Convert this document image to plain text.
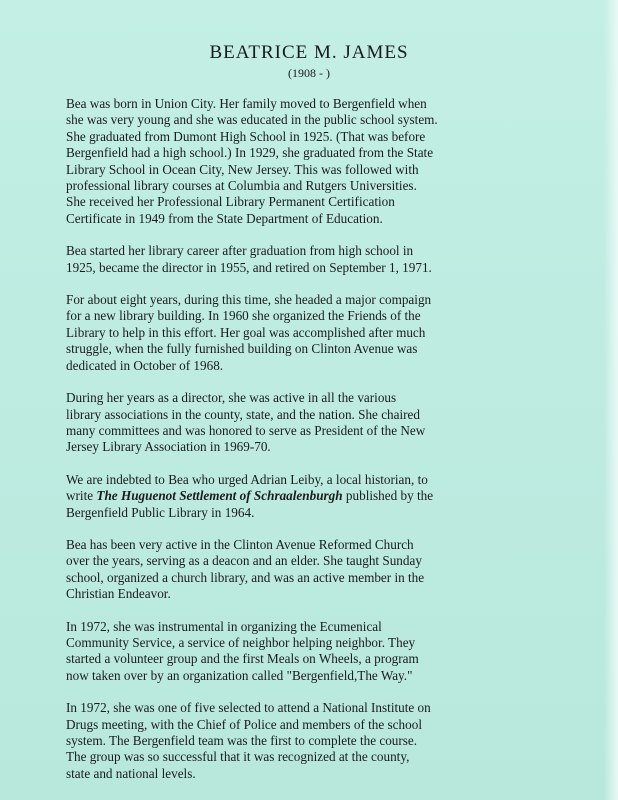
BEATRICE M. JAMES
(1908 - )

Bea was born in Union City. Her family moved to Bergenfield when
she was very young and she was educated in the public school system.
She graduated from Dumont High School in 1925. (That was before
Bergenfield had a high school.) In 1929, she graduated from the State
Library School in Ocean City, New Jersey. This was followed with
professional library courses at Columbia and Rutgers Universities.
She received her Professional Library Permanent Certification
Certificate in 1949 from the State Department of Education.

Bea started her library career after graduation from high school in
1925, became the director in 1955, and retired on September 1, 1971.

For about eight years, during this time, she headed a major compaign
for a new library building. In 1960 she organized the Friends of the
Library to help in this effort. Her goal was accomplished after much
struggle, when the fully furnished building on Clinton Avenue was
dedicated in October of 1968.

During her years as a director, she was active in all the various
library associations in the county, state, and the nation. She chaired
many committees and was honored to serve as President of the New
Jersey Library Association in 1969-70.

We are indebted to Bea who urged Adrian Leiby, a local historian, to
write The Huguenot Settlement of Schraalenburgh published by the
Bergenfield Public Library in 1964.

Bea has been very active in the Clinton Avenue Reformed Church
over the years, serving as a deacon and an elder. She taught Sunday
school, organized a church library, and was an active member in the
Christian Endeavor.

In 1972, she was instrumental in organizing the Ecumenical
Community Service, a service of neighbor helping neighbor. They
started a volunteer group and the first Meals on Wheels, a program
now taken over by an organization called "Bergenfield,The Way."

In 1972, she was one of five selected to attend a National Institute on
Drugs meeting, with the Chief of Police and members of the school
system. The Bergenfield team was the first to complete the course.
The group was so successful that it was recognized at the county,
state and national levels.
